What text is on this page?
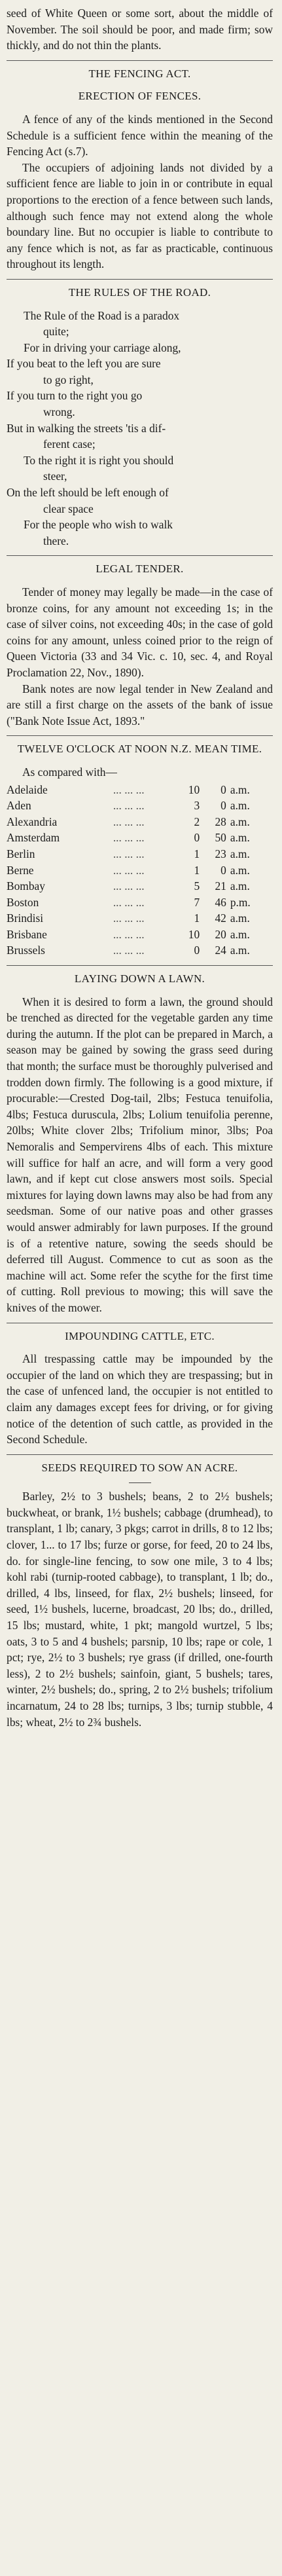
seed of White Queen or some sort, about the middle of November. The soil should be poor, and made firm; sow thickly, and do not thin the plants.

THE FENCING ACT.
ERECTION OF FENCES.

A fence of any of the kinds mentioned in the Second Schedule is a sufficient fence within the meaning of the Fencing Act (s.7).

The occupiers of adjoining lands not divided by a sufficient fence are liable to join in or contribute in equal proportions to the erection of a fence between such lands, although such fence may not extend along the whole boundary line. But no occupier is liable to contribute to any fence which is not, as far as practicable, continuous throughout its length.

THE RULES OF THE ROAD.
The Rule of the Road is a paradox
quite;
For in driving your carriage along,
If you beat to the left you are sure
to go right,
If you turn to the right you go
wrong.
But in walking the streets 'tis a dif-
ferent case;
To the right it is right you should
steer,
On the left should be left enough of
clear space
For the people who wish to walk
there.
LEGAL TENDER.

Tender of money may legally be made—in the case of bronze coins, for any amount not exceeding 1s; in the case of silver coins, not exceeding 40s; in the case of gold coins for any amount, unless coined prior to the reign of Queen Victoria (33 and 34 Vic. c. 10, sec. 4, and Royal Proclamation 22, Nov., 1890).

Bank notes are now legal tender in New Zealand and are still a first charge on the assets of the bank of issue ("Bank Note Issue Act, 1893."

TWELVE O'CLOCK AT NOON N.Z. MEAN TIME.

As compared with—

Adelaide	... ... ...	10	0	a.m.
Aden	... ... ...	3	0	a.m.
Alexandria	... ... ...	2	28	a.m.
Amsterdam	... ... ...	0	50	a.m.
Berlin	... ... ...	1	23	a.m.
Berne	... ... ...	1	0	a.m.
Bombay	... ... ...	5	21	a.m.
Boston	... ... ...	7	46	p.m.
Brindisi	... ... ...	1	42	a.m.
Brisbane	... ... ...	10	20	a.m.
Brussels	... ... ...	0	24	a.m.
LAYING DOWN A LAWN.

When it is desired to form a lawn, the ground should be trenched as directed for the vegetable garden any time during the autumn. If the plot can be prepared in March, a season may be gained by sowing the grass seed during that month; the surface must be thoroughly pulverised and trodden down firmly. The following is a good mixture, if procurable:—Crested Dog-tail, 2lbs; Festuca tenuifolia, 4lbs; Festuca duruscula, 2lbs; Lolium tenuifolia perenne, 20lbs; White clover 2lbs; Trifolium minor, 3lbs; Poa Nemoralis and Sempervirens 4lbs of each. This mixture will suffice for half an acre, and will form a very good lawn, and if kept cut close answers most soils. Special mixtures for laying down lawns may also be had from any seedsman. Some of our native poas and other grasses would answer admirably for lawn purposes. If the ground is of a retentive nature, sowing the seeds should be deferred till August. Commence to cut as soon as the machine will act. Some refer the scythe for the first time of cutting. Roll previous to mowing; this will save the knives of the mower.

IMPOUNDING CATTLE, ETC.

All trespassing cattle may be impounded by the occupier of the land on which they are trespassing; but in the case of unfenced land, the occupier is not entitled to claim any damages except fees for driving, or for giving notice of the detention of such cattle, as provided in the Second Schedule.

SEEDS REQUIRED TO SOW AN ACRE.

Barley, 2½ to 3 bushels; beans, 2 to 2½ bushels; buckwheat, or brank, 1½ bushels; cabbage (drumhead), to transplant, 1 lb; canary, 3 pkgs; carrot in drills, 8 to 12 lbs; clover, 1... to 17 lbs; furze or gorse, for feed, 20 to 24 lbs, do. for single-line fencing, to sow one mile, 3 to 4 lbs; kohl rabi (turnip-rooted cabbage), to transplant, 1 lb; do., drilled, 4 lbs, linseed, for flax, 2½ bushels; linseed, for seed, 1½ bushels, lucerne, broadcast, 20 lbs; do., drilled, 15 lbs; mustard, white, 1 pkt; mangold wurtzel, 5 lbs; oats, 3 to 5 and 4 bushels; parsnip, 10 lbs; rape or cole, 1 pct; rye, 2½ to 3 bushels; rye grass (if drilled, one-fourth less), 2 to 2½ bushels; sainfoin, giant, 5 bushels; tares, winter, 2½ bushels; do., spring, 2 to 2½ bushels; trifolium incarnatum, 24 to 28 lbs; turnips, 3 lbs; turnip stubble, 4 lbs; wheat, 2½ to 2¾ bushels.
